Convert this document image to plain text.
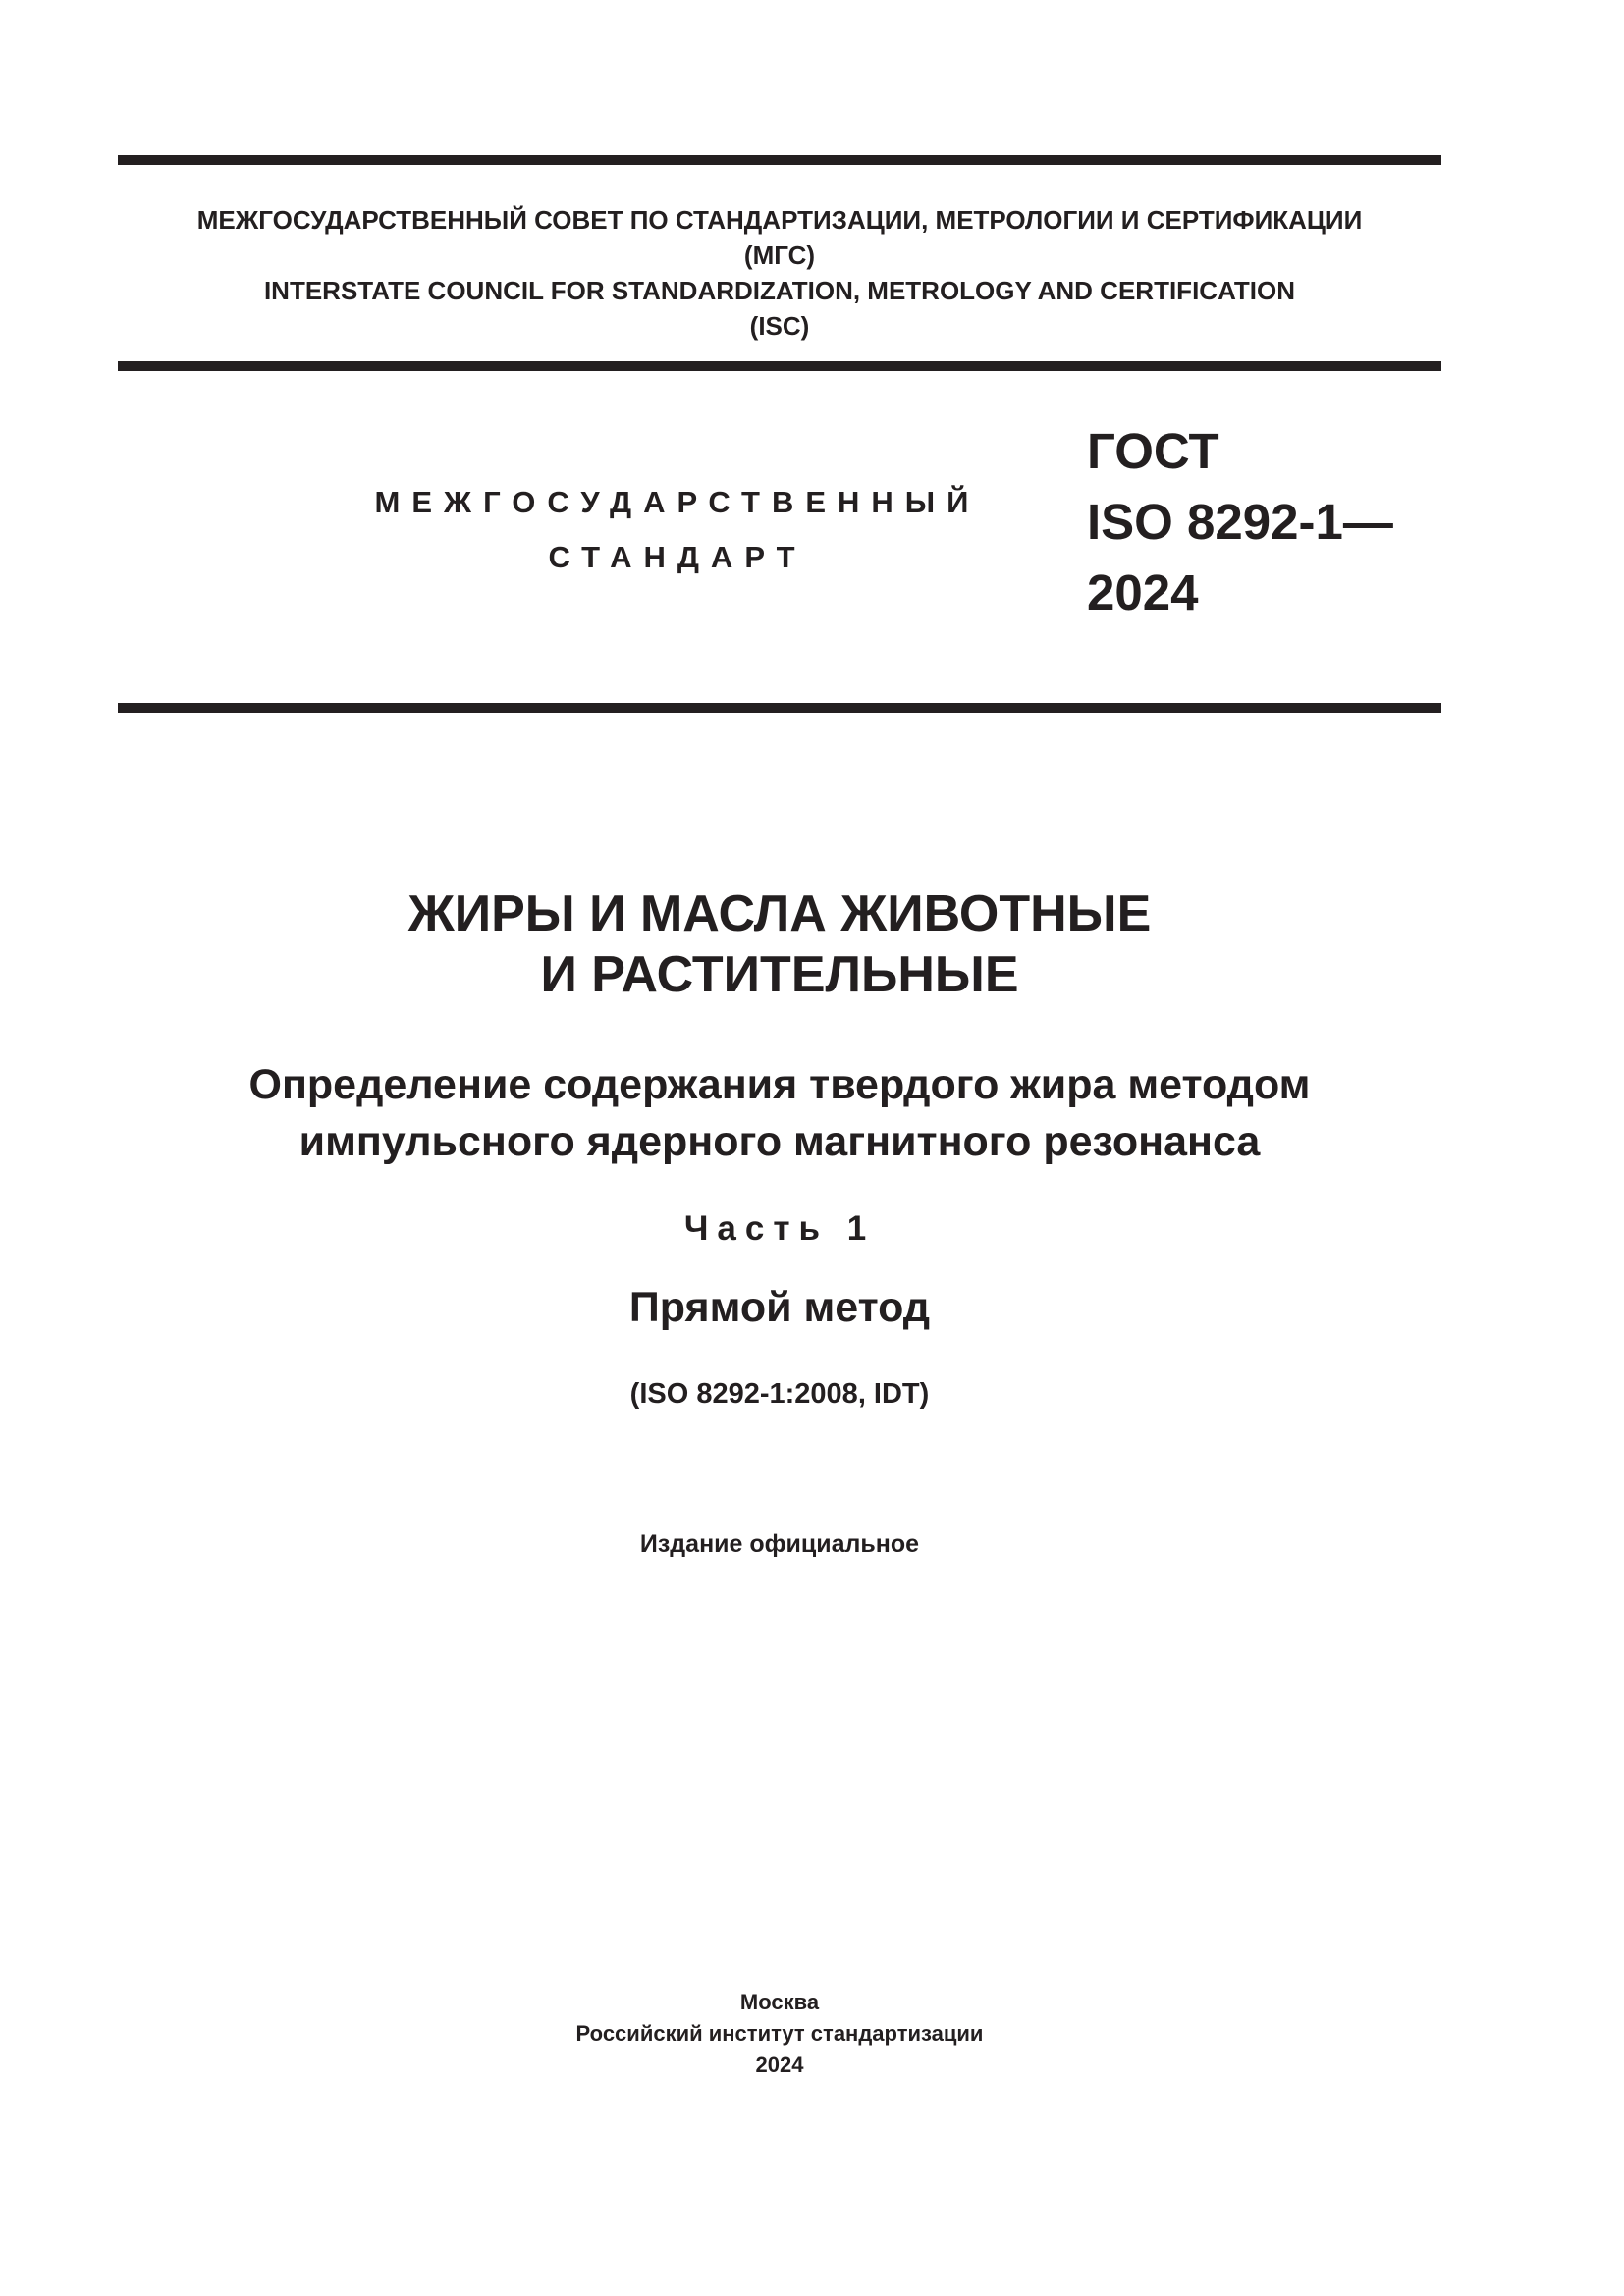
МЕЖГОСУДАРСТВЕННЫЙ СОВЕТ ПО СТАНДАРТИЗАЦИИ, МЕТРОЛОГИИ И СЕРТИФИКАЦИИ
(МГС)
INTERSTATE COUNCIL FOR STANDARDIZATION, METROLOGY AND CERTIFICATION
(ISC)
МЕЖГОСУДАРСТВЕННЫЙ
СТАНДАРТ
ГОСТ
ISO 8292-1—
2024
ЖИРЫ И МАСЛА ЖИВОТНЫЕ
И РАСТИТЕЛЬНЫЕ
Определение содержания твердого жира методом
импульсного ядерного магнитного резонанса
Часть 1
Прямой метод
(ISO 8292-1:2008, IDT)
Издание официальное
Москва
Российский институт стандартизации
2024
